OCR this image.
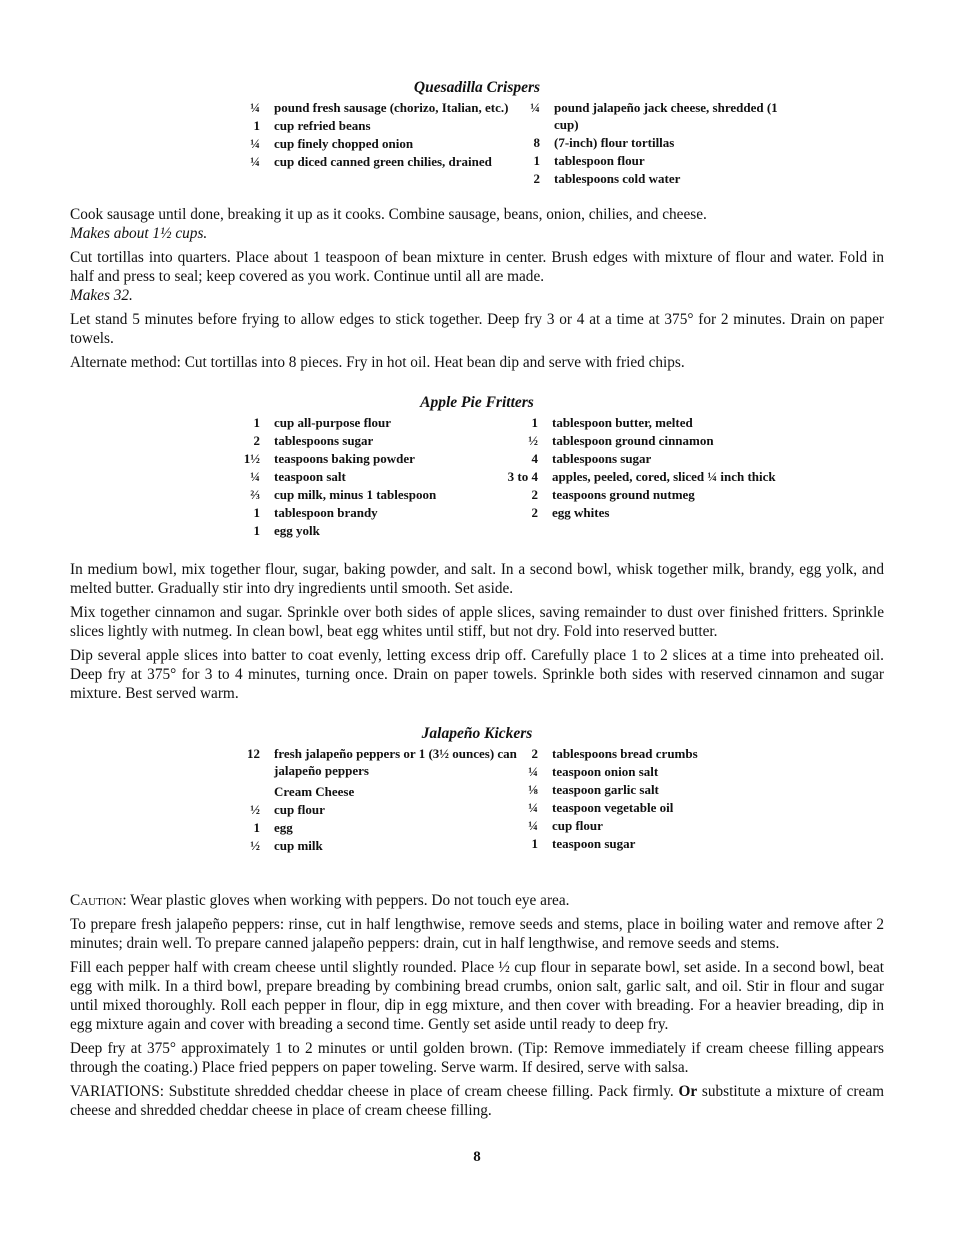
Quesadilla Crispers
¼	pound fresh sausage (chorizo, Italian, etc.)
1	cup refried beans
¼	cup finely chopped onion
¼	cup diced canned green chilies, drained
¼	pound jalapeño jack cheese, shredded (1 cup)
8	(7-inch) flour tortillas
1	tablespoon flour
2	tablespoons cold water

Cook sausage until done, breaking it up as it cooks. Combine sausage, beans, onion, chilies, and cheese.
Makes about 1½ cups.

Cut tortillas into quarters. Place about 1 teaspoon of bean mixture in center. Brush edges with mixture of flour and water. Fold in half and press to seal; keep covered as you work. Continue until all are made.
Makes 32.

Let stand 5 minutes before frying to allow edges to stick together. Deep fry 3 or 4 at a time at 375° for 2 minutes. Drain on paper towels.

Alternate method: Cut tortillas into 8 pieces. Fry in hot oil. Heat bean dip and serve with fried chips.

Apple Pie Fritters
1	cup all-purpose flour
2	tablespoons sugar
1½	teaspoons baking powder
¼	teaspoon salt
⅔	cup milk, minus 1 tablespoon
1	tablespoon brandy
1	egg yolk
1	tablespoon butter, melted
½	tablespoon ground cinnamon
4	tablespoons sugar
3 to 4	apples, peeled, cored, sliced ¼ inch thick
2	teaspoons ground nutmeg
2	egg whites

In medium bowl, mix together flour, sugar, baking powder, and salt. In a second bowl, whisk together milk, brandy, egg yolk, and melted butter. Gradually stir into dry ingredients until smooth. Set aside.

Mix together cinnamon and sugar. Sprinkle over both sides of apple slices, saving remainder to dust over finished fritters. Sprinkle slices lightly with nutmeg. In clean bowl, beat egg whites until stiff, but not dry. Fold into reserved butter.

Dip several apple slices into batter to coat evenly, letting excess drip off. Carefully place 1 to 2 slices at a time into preheated oil. Deep fry at 375° for 3 to 4 minutes, turning once. Drain on paper towels. Sprinkle both sides with reserved cinnamon and sugar mixture. Best served warm.

Jalapeño Kickers
12	fresh jalapeño peppers or 1 (3½ ounces) can jalapeño peppers
Cream Cheese
½	cup flour
1	egg
½	cup milk
2	tablespoons bread crumbs
¼	teaspoon onion salt
⅛	teaspoon garlic salt
¼	teaspoon vegetable oil
¼	cup flour
1	teaspoon sugar

Caution: Wear plastic gloves when working with peppers. Do not touch eye area.

To prepare fresh jalapeño peppers: rinse, cut in half lengthwise, remove seeds and stems, place in boiling water and remove after 2 minutes; drain well. To prepare canned jalapeño peppers: drain, cut in half lengthwise, and remove seeds and stems.

Fill each pepper half with cream cheese until slightly rounded. Place ½ cup flour in separate bowl, set aside. In a second bowl, beat egg with milk. In a third bowl, prepare breading by combining bread crumbs, onion salt, garlic salt, and oil. Stir in flour and sugar until mixed thoroughly. Roll each pepper in flour, dip in egg mixture, and then cover with breading. For a heavier breading, dip in egg mixture again and cover with breading a second time. Gently set aside until ready to deep fry.

Deep fry at 375° approximately 1 to 2 minutes or until golden brown. (Tip: Remove immediately if cream cheese filling appears through the coating.) Place fried peppers on paper toweling. Serve warm. If desired, serve with salsa.

VARIATIONS: Substitute shredded cheddar cheese in place of cream cheese filling. Pack firmly. Or substitute a mixture of cream cheese and shredded cheddar cheese in place of cream cheese filling.

8
